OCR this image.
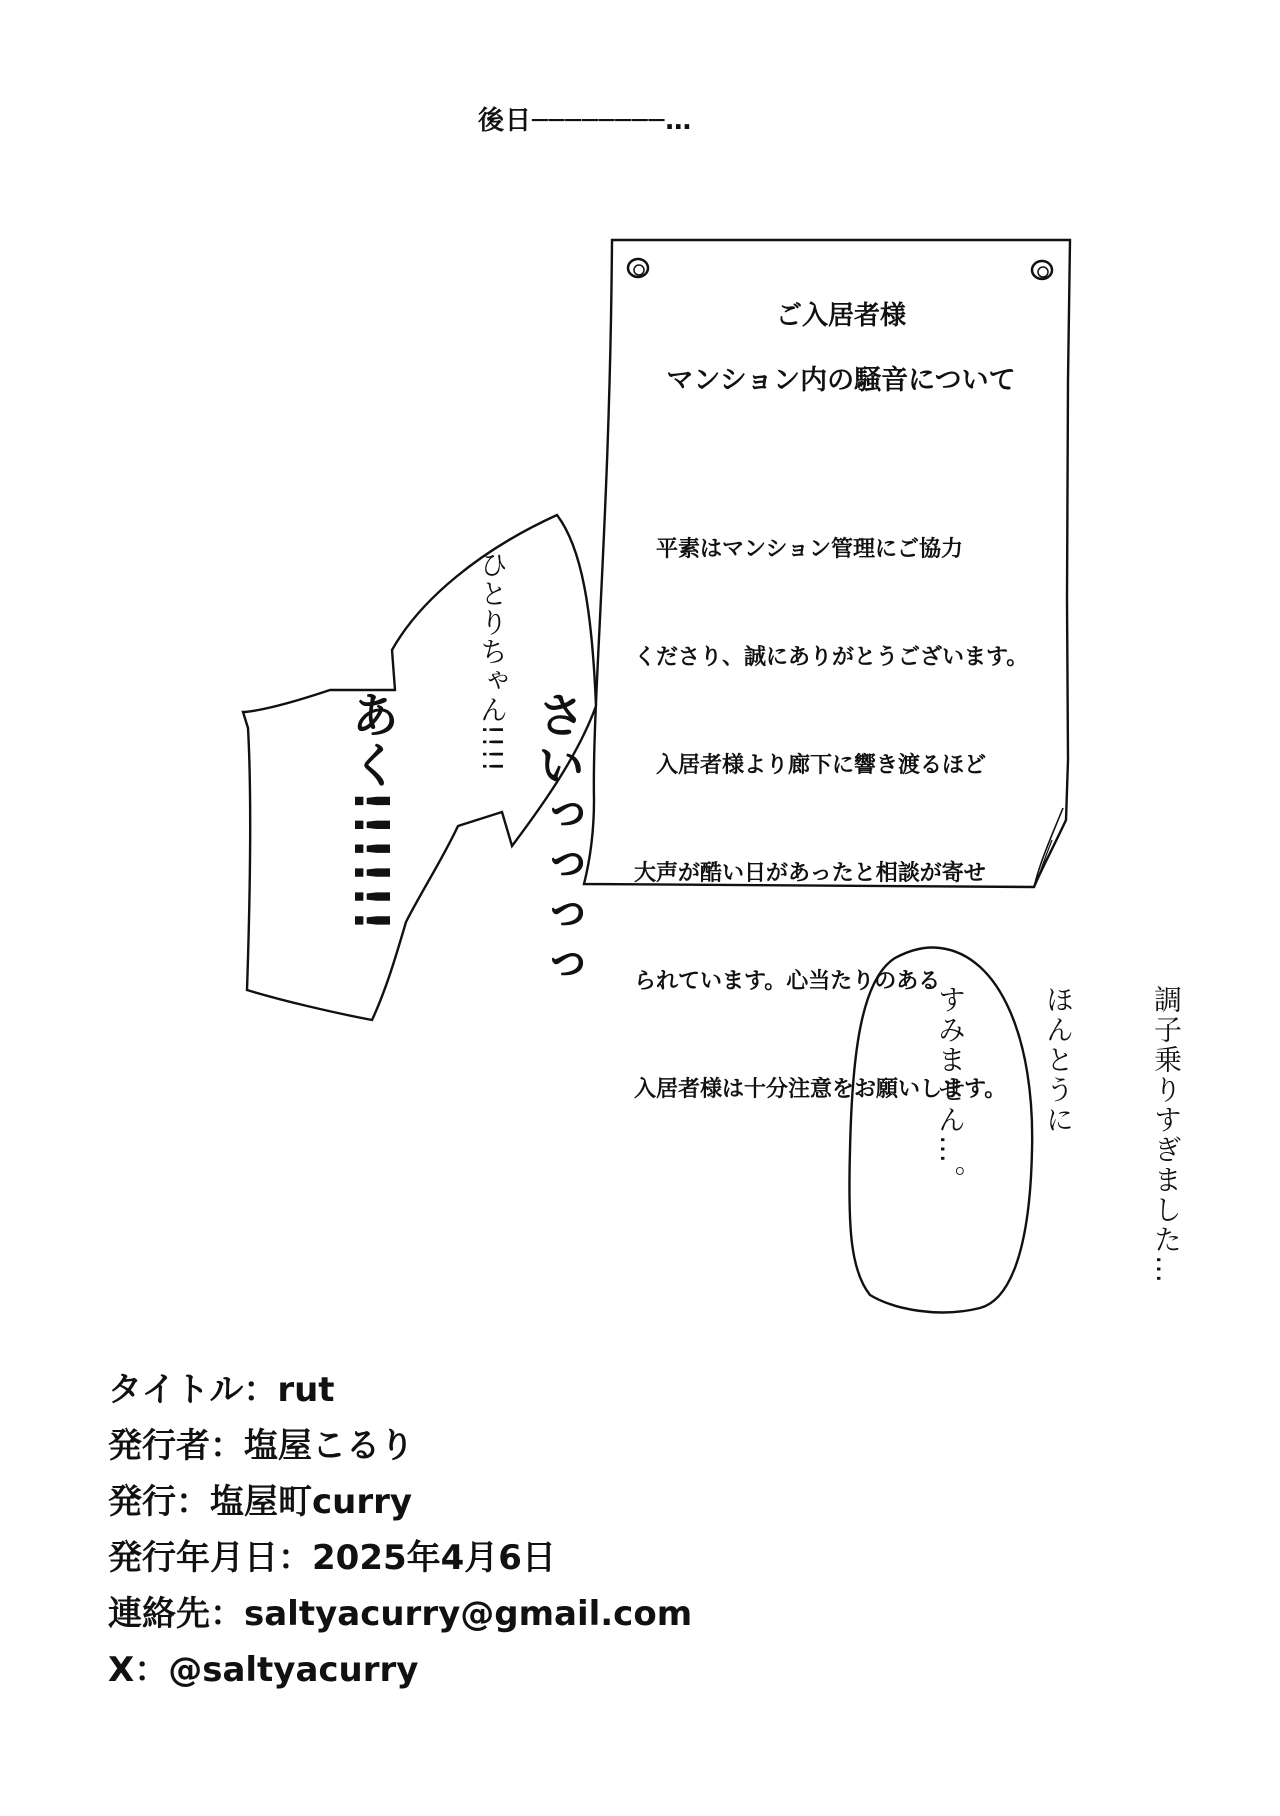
後日────────…
ひとりちゃん!!!!

さいっっっっ

あく!!!!!!

調子乗りすぎました…

ほんとうに

すみません…。

ご入居者様
マンション内の騒音について

　平素はマンション管理にご協力

くださり、誠にありがとうございます。

　入居者様より廊下に響き渡るほど

大声が酷い日があったと相談が寄せ

られています。心当たりのある

入居者様は十分注意をお願いします。

タイトル：rut
発行者：塩屋こるり
発行：塩屋町curry
発行年月日：2025年4月6日
連絡先：saltyacurry@gmail.com
X：@saltyacurry
